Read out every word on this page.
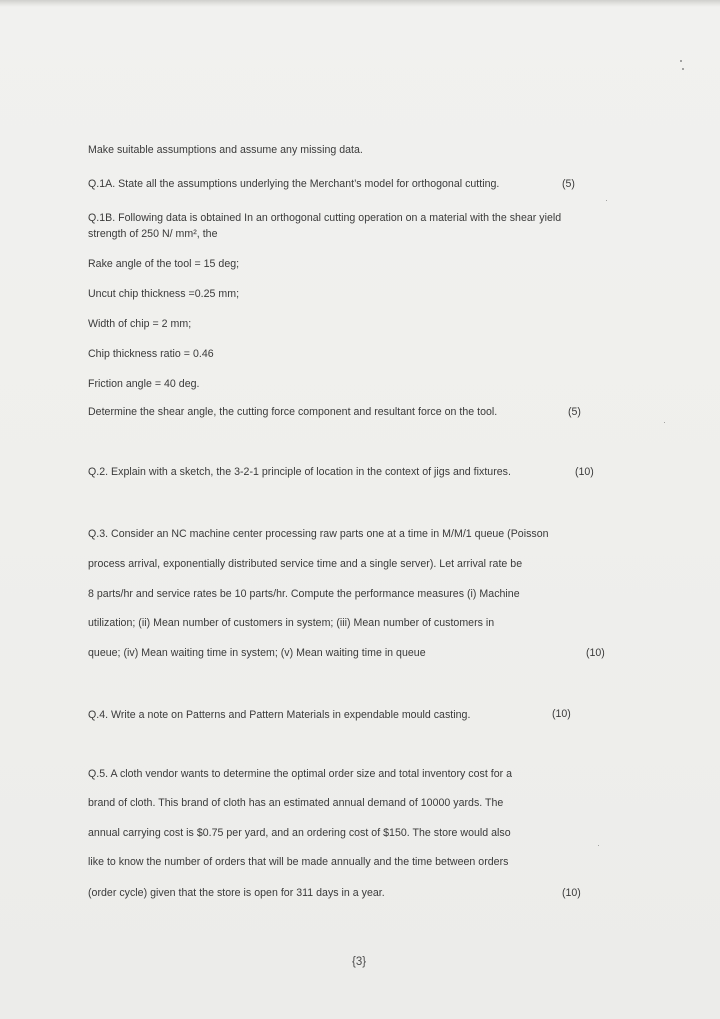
Make suitable assumptions and assume any missing data.
Q.1A. State all the assumptions underlying the Merchant’s model for orthogonal cutting.	(5)
Q.1B. Following data is obtained In an orthogonal cutting operation on a material with the shear yield
strength of 250 N/ mm², the
Rake angle of the tool = 15 deg;
Uncut chip thickness =0.25 mm;
Width of chip = 2 mm;
Chip thickness ratio = 0.46
Friction angle = 40 deg.
Determine the shear angle, the cutting force component and resultant force on the tool.	(5)
Q.2. Explain with a sketch, the 3-2-1 principle of location in the context of jigs and fixtures.	(10)
Q.3. Consider an NC machine center processing raw parts one at a time in M/M/1 queue (Poisson
process arrival, exponentially distributed service time and a single server). Let arrival rate be
8 parts/hr and service rates be 10 parts/hr. Compute the performance measures (i) Machine
utilization; (ii) Mean number of customers in system; (iii) Mean number of customers in
queue; (iv) Mean waiting time in system; (v) Mean waiting time in queue	(10)
Q.4. Write a note on Patterns and Pattern Materials in expendable mould casting.	(10)
Q.5. A cloth vendor wants to determine the optimal order size and total inventory cost for a
brand of cloth. This brand of cloth has an estimated annual demand of 10000 yards. The
annual carrying cost is $0.75 per yard, and an ordering cost of $150. The store would also
like to know the number of orders that will be made annually and the time between orders
(order cycle) given that the store is open for 311 days in a year.	(10)
{3}
